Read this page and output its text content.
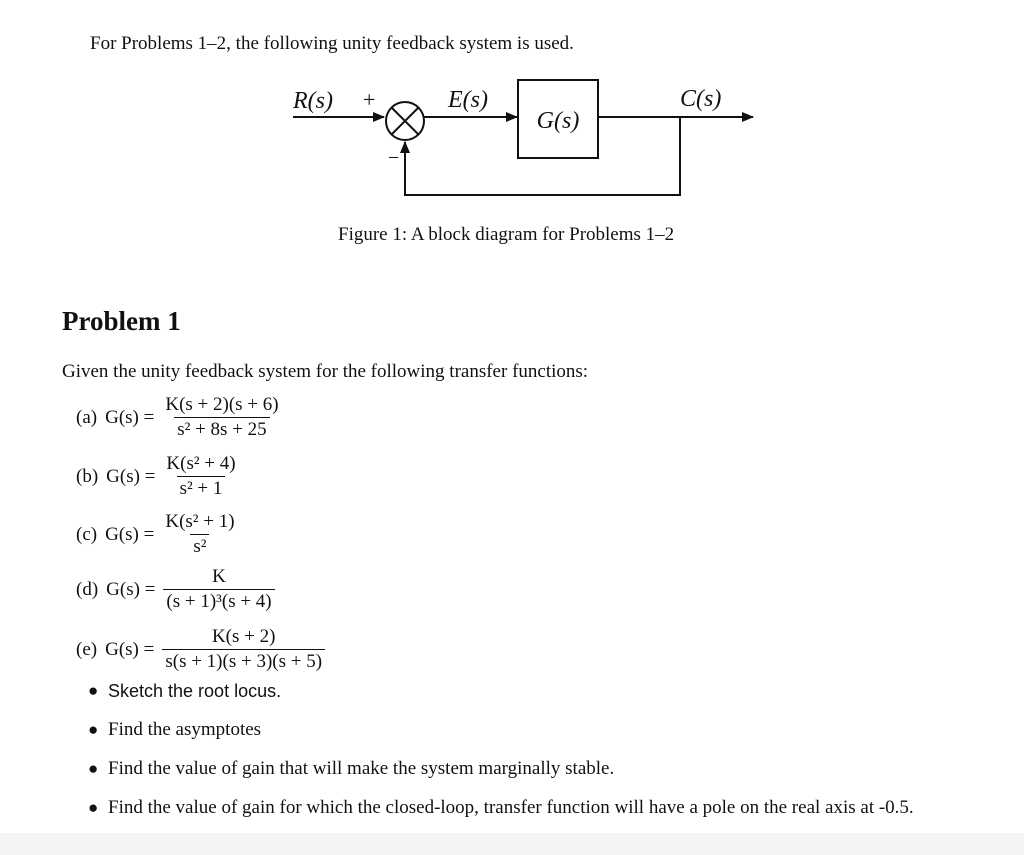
For Problems 1–2, the following unity feedback system is used.
R(s) +
−
E(s)
G(s)
C(s)
Figure 1: A block diagram for Problems 1–2
Problem 1
Given the unity feedback system for the following transfer functions:
(a) $G(s) = \frac{K(s + 2)(s + 6)}{\text{s² + 8s + 25}}$
(b) $G(s) = \frac{\text{K(s² + 4)}}{\text{s² + 1}}$
(c) $G(s) = \frac{\text{K(s² + 1)}}{\text{s²}}$
(d) $G(s) = \frac{K}{\text{(s + 1)³(s + 4)}}$
(e) $G(s) = \frac{K(s + 2)}{s(s + 1)(s + 3)(s + 5)}$
● Sketch the root locus.
● Find the asymptotes
● Find the value of gain that will make the system marginally stable.
● Find the value of gain for which the closed-loop, transfer function will have a pole on the real axis at -0.5.
